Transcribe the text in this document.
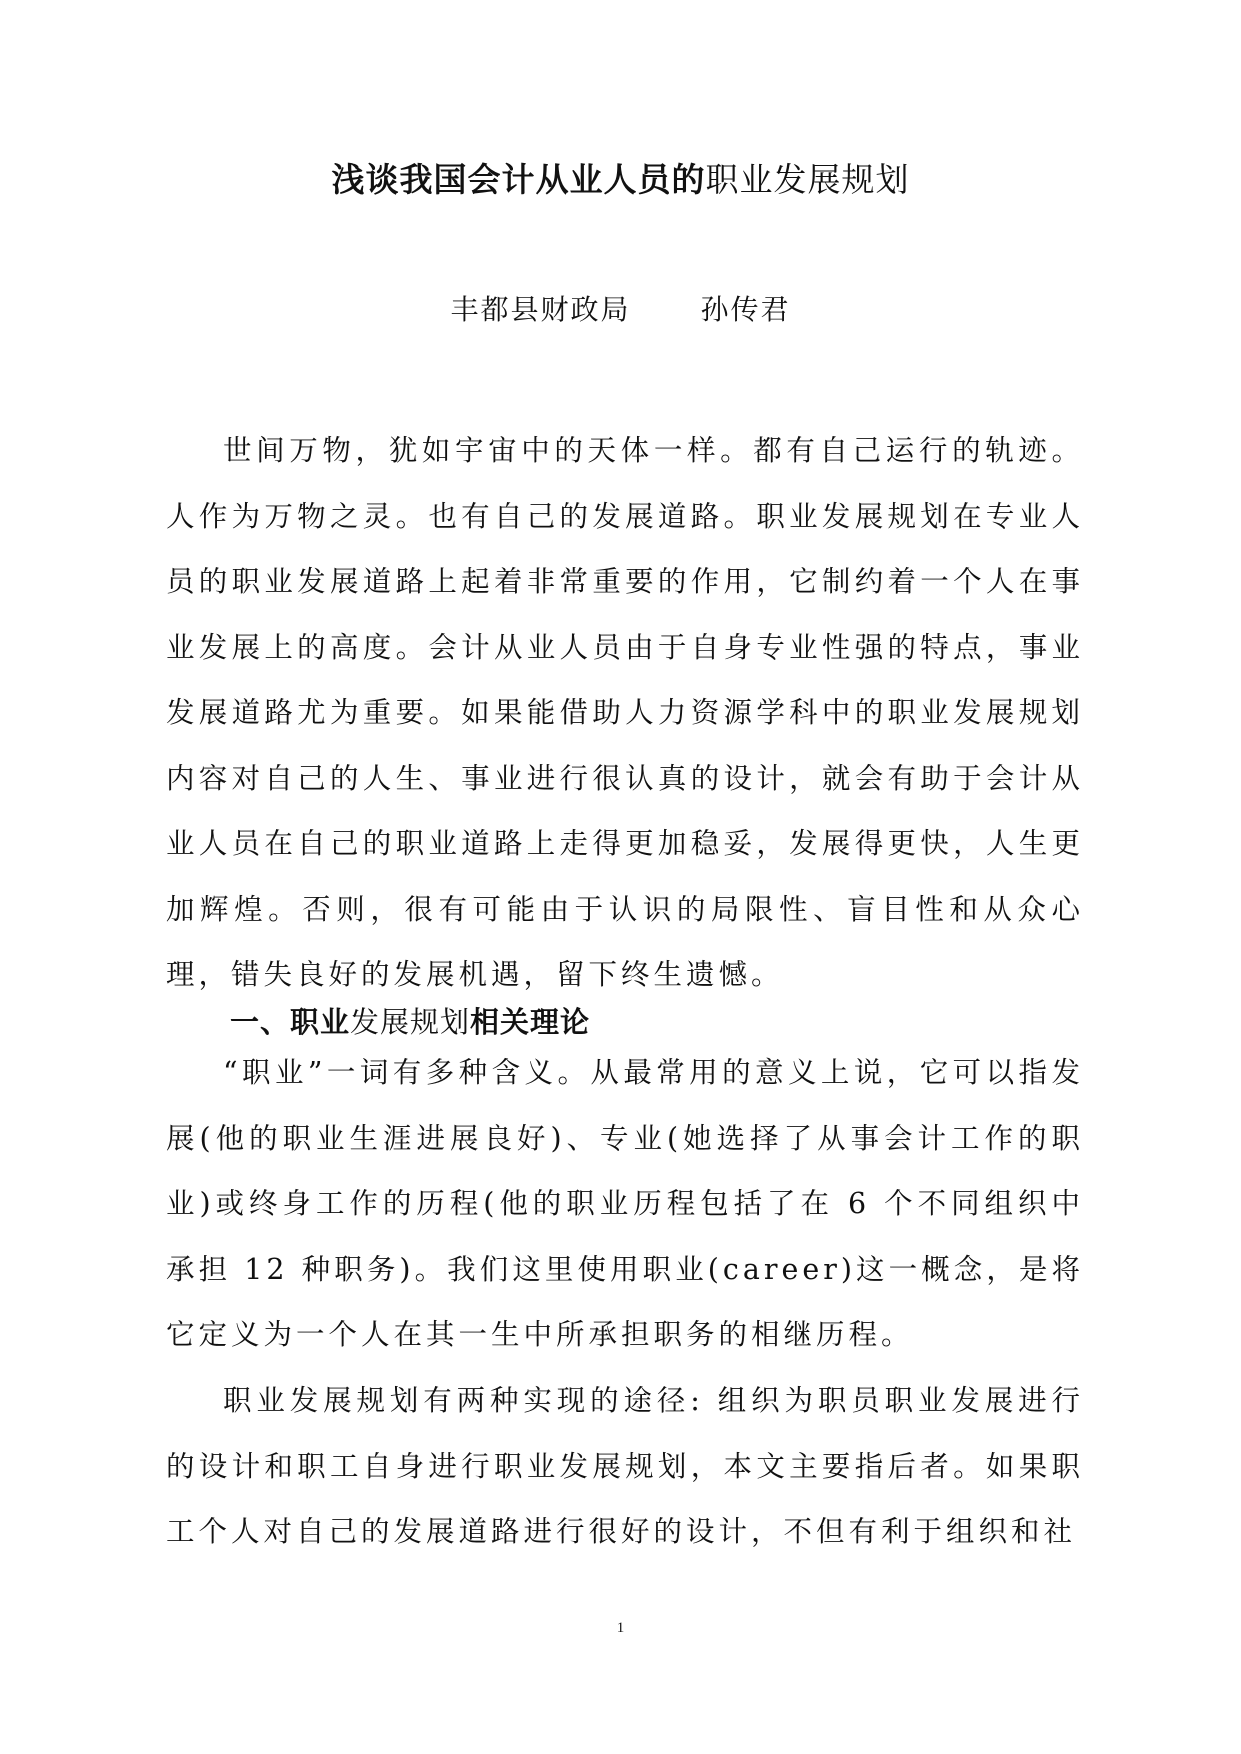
浅谈我国会计从业人员的职业发展规划
丰都县财政局	孙传君

世间万物，犹如宇宙中的天体一样。都有自己运行的轨迹。人作为万物之灵。也有自己的发展道路。职业发展规划在专业人员的职业发展道路上起着非常重要的作用，它制约着一个人在事业发展上的高度。会计从业人员由于自身专业性强的特点，事业发展道路尤为重要。如果能借助人力资源学科中的职业发展规划内容对自己的人生、事业进行很认真的设计，就会有助于会计从业人员在自己的职业道路上走得更加稳妥，发展得更快，人生更加辉煌。否则，很有可能由于认识的局限性、盲目性和从众心理，错失良好的发展机遇，留下终生遗憾。

一、职业发展规划相关理论

“职业”一词有多种含义。从最常用的意义上说，它可以指发展(他的职业生涯进展良好)、专业(她选择了从事会计工作的职业)或终身工作的历程(他的职业历程包括了在 6 个不同组织中承担 12 种职务)。我们这里使用职业(career)这一概念，是将它定义为一个人在其一生中所承担职务的相继历程。

职业发展规划有两种实现的途径: 组织为职员职业发展进行的设计和职工自身进行职业发展规划，本文主要指后者。如果职工个人对自己的发展道路进行很好的设计，不但有利于组织和社

1
